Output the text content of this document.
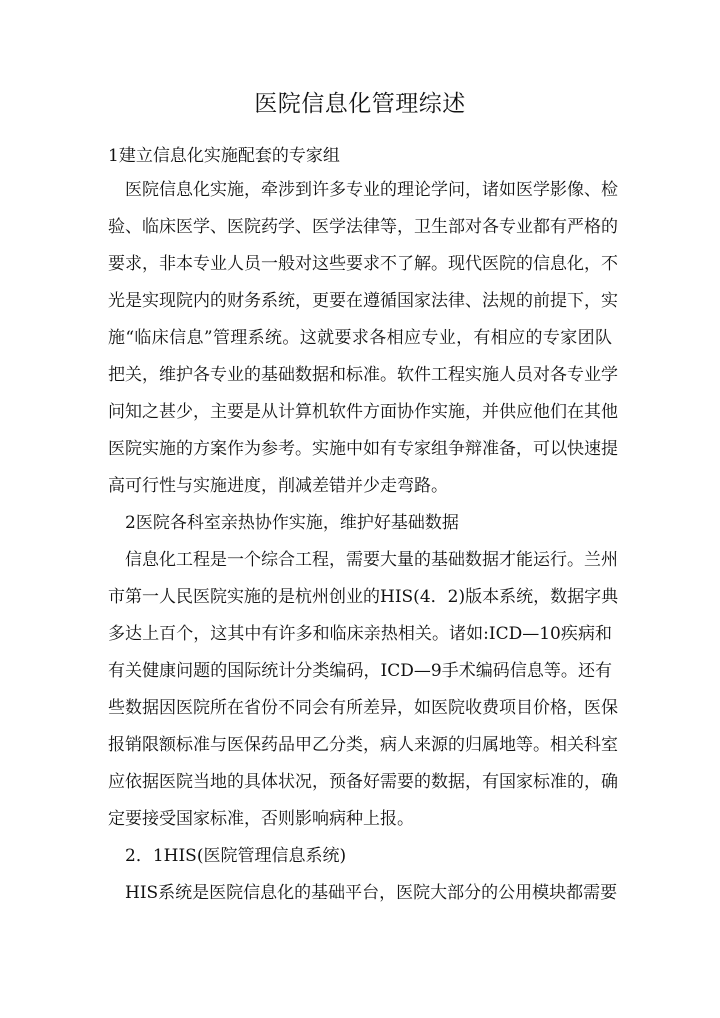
医院信息化管理综述
1建立信息化实施配套的专家组
医院信息化实施，牵涉到许多专业的理论学问，诸如医学影像、检
验、临床医学、医院药学、医学法律等，卫生部对各专业都有严格的
要求，非本专业人员一般对这些要求不了解。现代医院的信息化，不
光是实现院内的财务系统，更要在遵循国家法律、法规的前提下，实
施“临床信息”管理系统。这就要求各相应专业，有相应的专家团队
把关，维护各专业的基础数据和标准。软件工程实施人员对各专业学
问知之甚少，主要是从计算机软件方面协作实施，并供应他们在其他
医院实施的方案作为参考。实施中如有专家组争辩准备，可以快速提
高可行性与实施进度，削减差错并少走弯路。
2医院各科室亲热协作实施，维护好基础数据
信息化工程是一个综合工程，需要大量的基础数据才能运行。兰州
市第一人民医院实施的是杭州创业的HIS(4．2)版本系统，数据字典
多达上百个，这其中有许多和临床亲热相关。诸如:ICD—10疾病和
有关健康问题的国际统计分类编码，ICD—9手术编码信息等。还有
些数据因医院所在省份不同会有所差异，如医院收费项目价格，医保
报销限额标准与医保药品甲乙分类，病人来源的归属地等。相关科室
应依据医院当地的具体状况，预备好需要的数据，有国家标准的，确
定要接受国家标准，否则影响病种上报。
2．1HIS(医院管理信息系统)
HIS系统是医院信息化的基础平台，医院大部分的公用模块都需要
